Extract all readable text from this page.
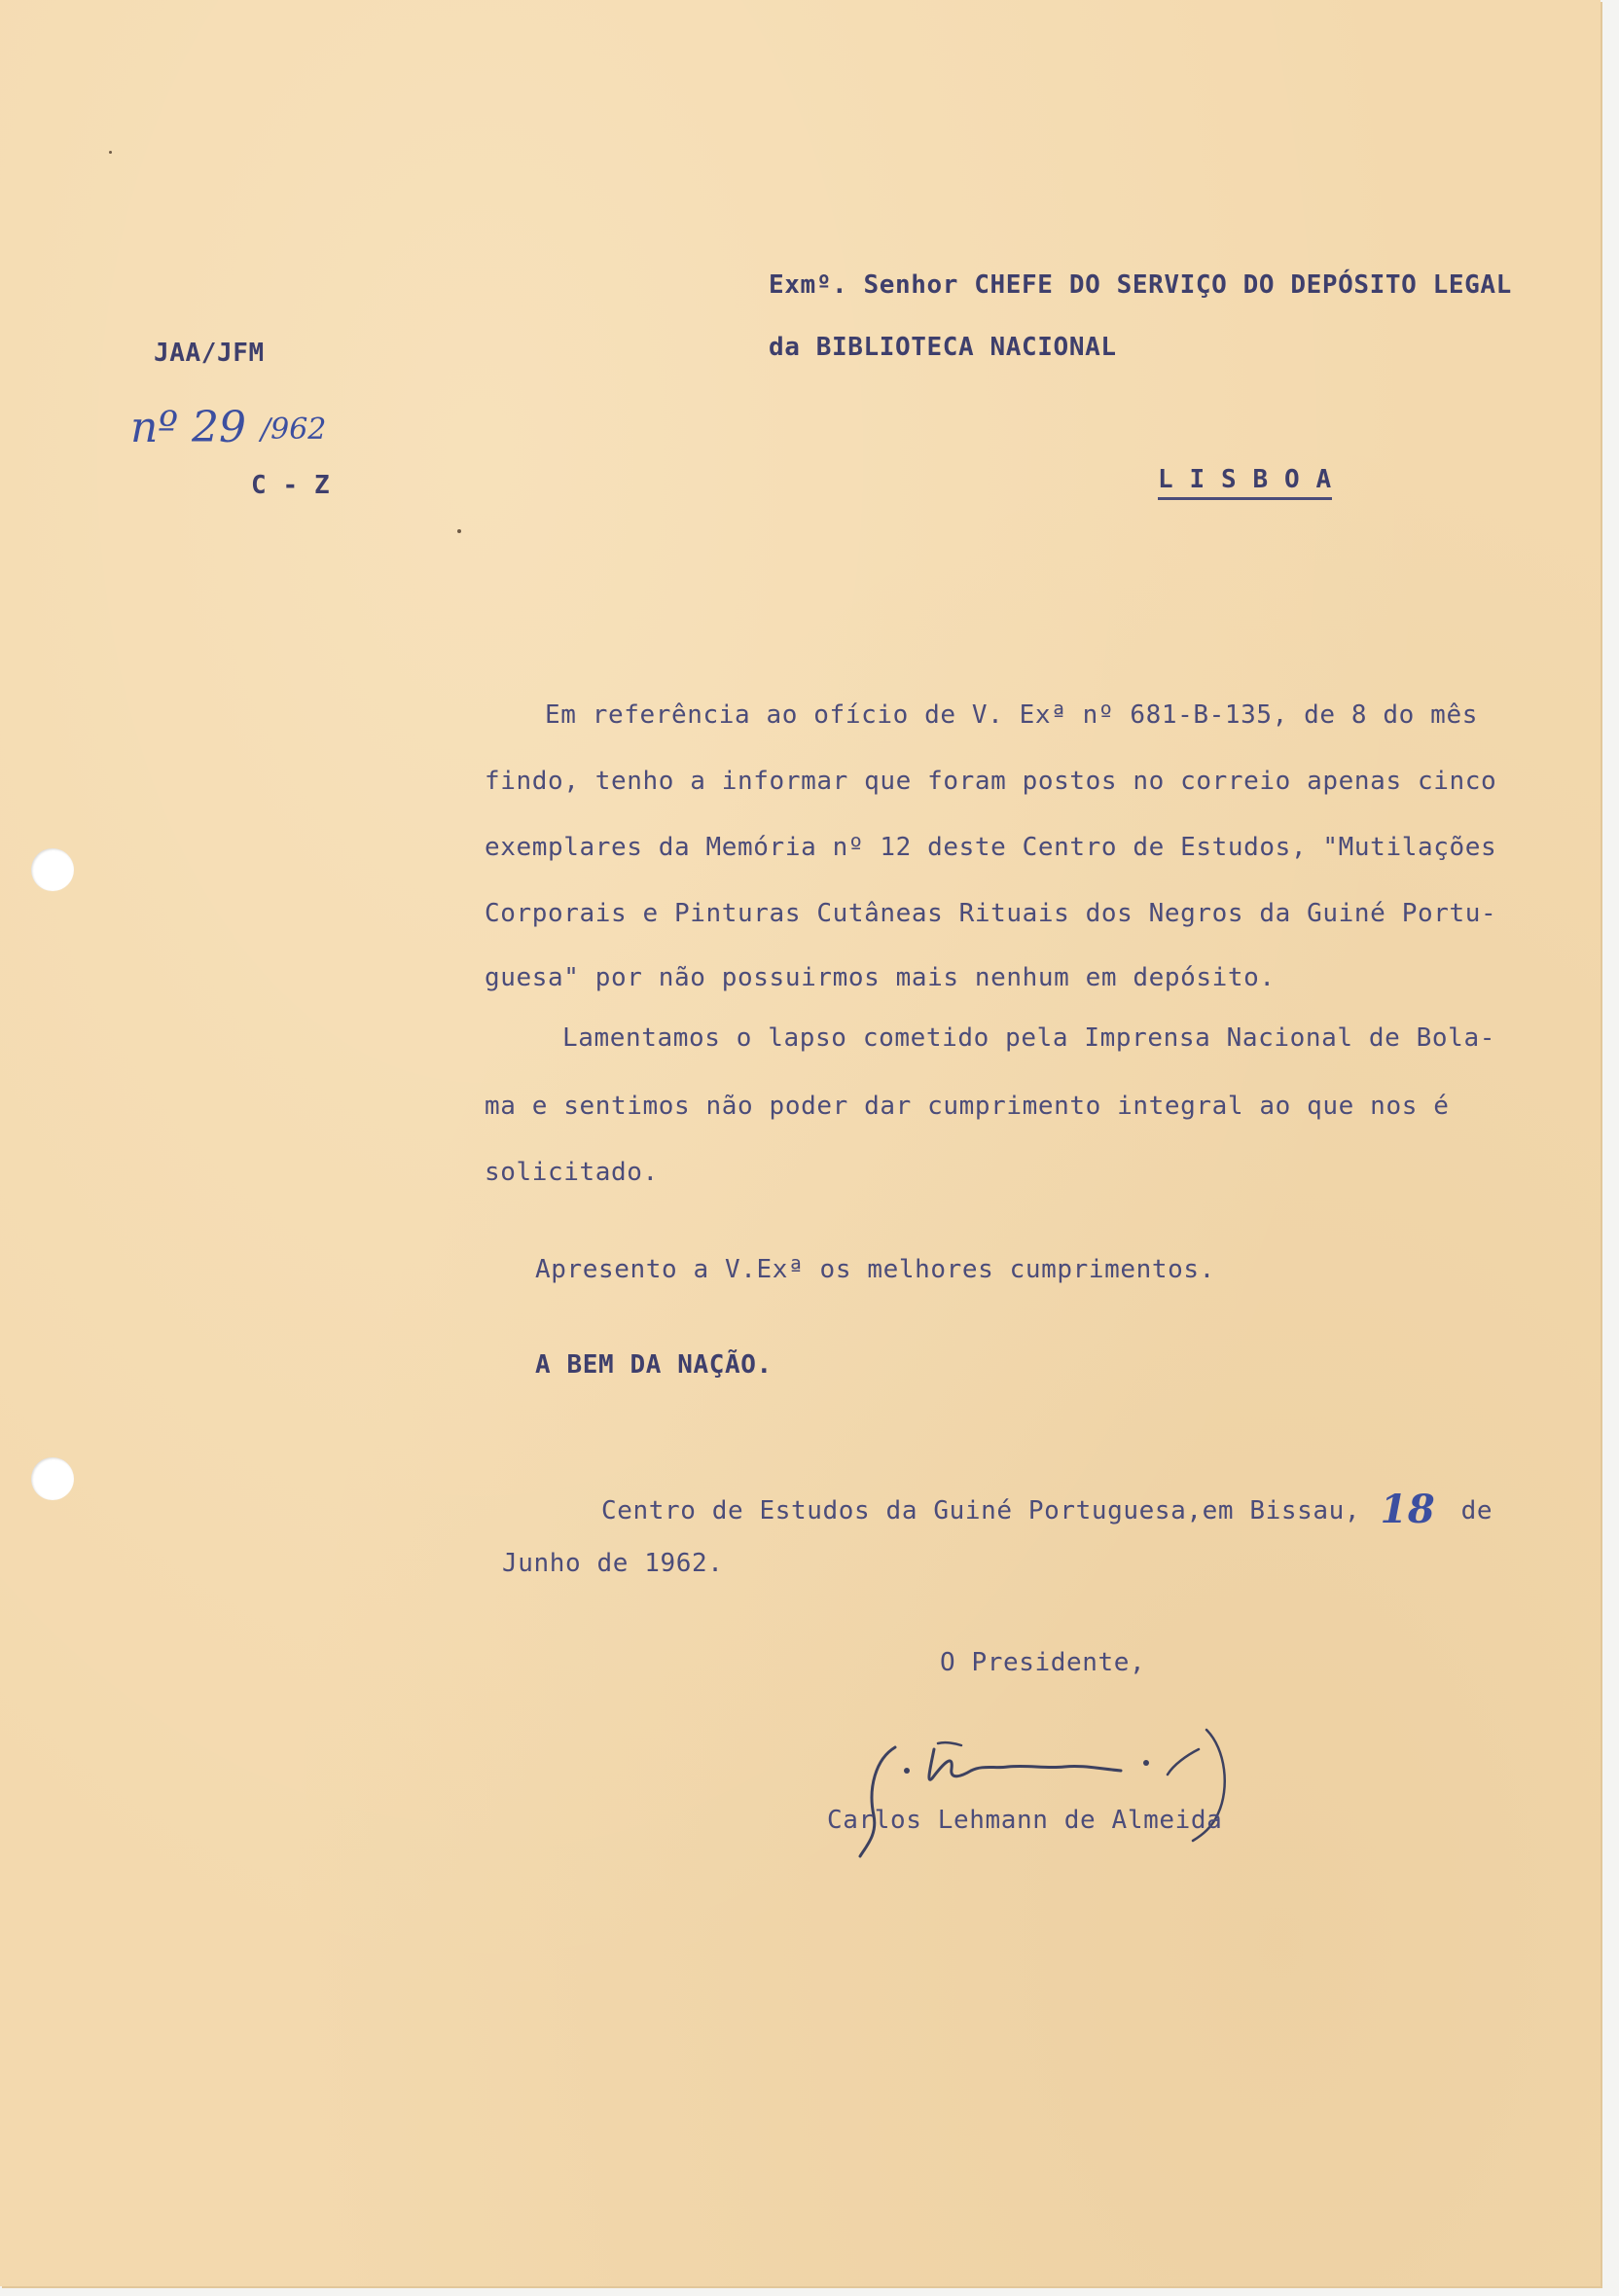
Exmº. Senhor CHEFE DO SERVIÇO DO DEPÓSITO LEGAL

da BIBLIOTECA NACIONAL

L I S B O A

JAA/JFM

nº 29 /962

C - Z

Em referência ao ofício de V. Exª nº 681-B-135, de 8 do mês

findo, tenho a informar que foram postos no correio apenas cinco

exemplares da Memória nº 12 deste Centro de Estudos, "Mutilações

Corporais e Pinturas Cutâneas Rituais dos Negros da Guiné Portu-

guesa" por não possuirmos mais nenhum em depósito.

Lamentamos o lapso cometido pela Imprensa Nacional de Bola-

ma e sentimos não poder dar cumprimento integral ao que nos é

solicitado.

Apresento a V.Exª os melhores cumprimentos.

A BEM DA NAÇÃO.

Centro de Estudos da Guiné Portuguesa,em Bissau, 18 de

Junho de 1962.

O Presidente,

Carlos Lehmann de Almeida
